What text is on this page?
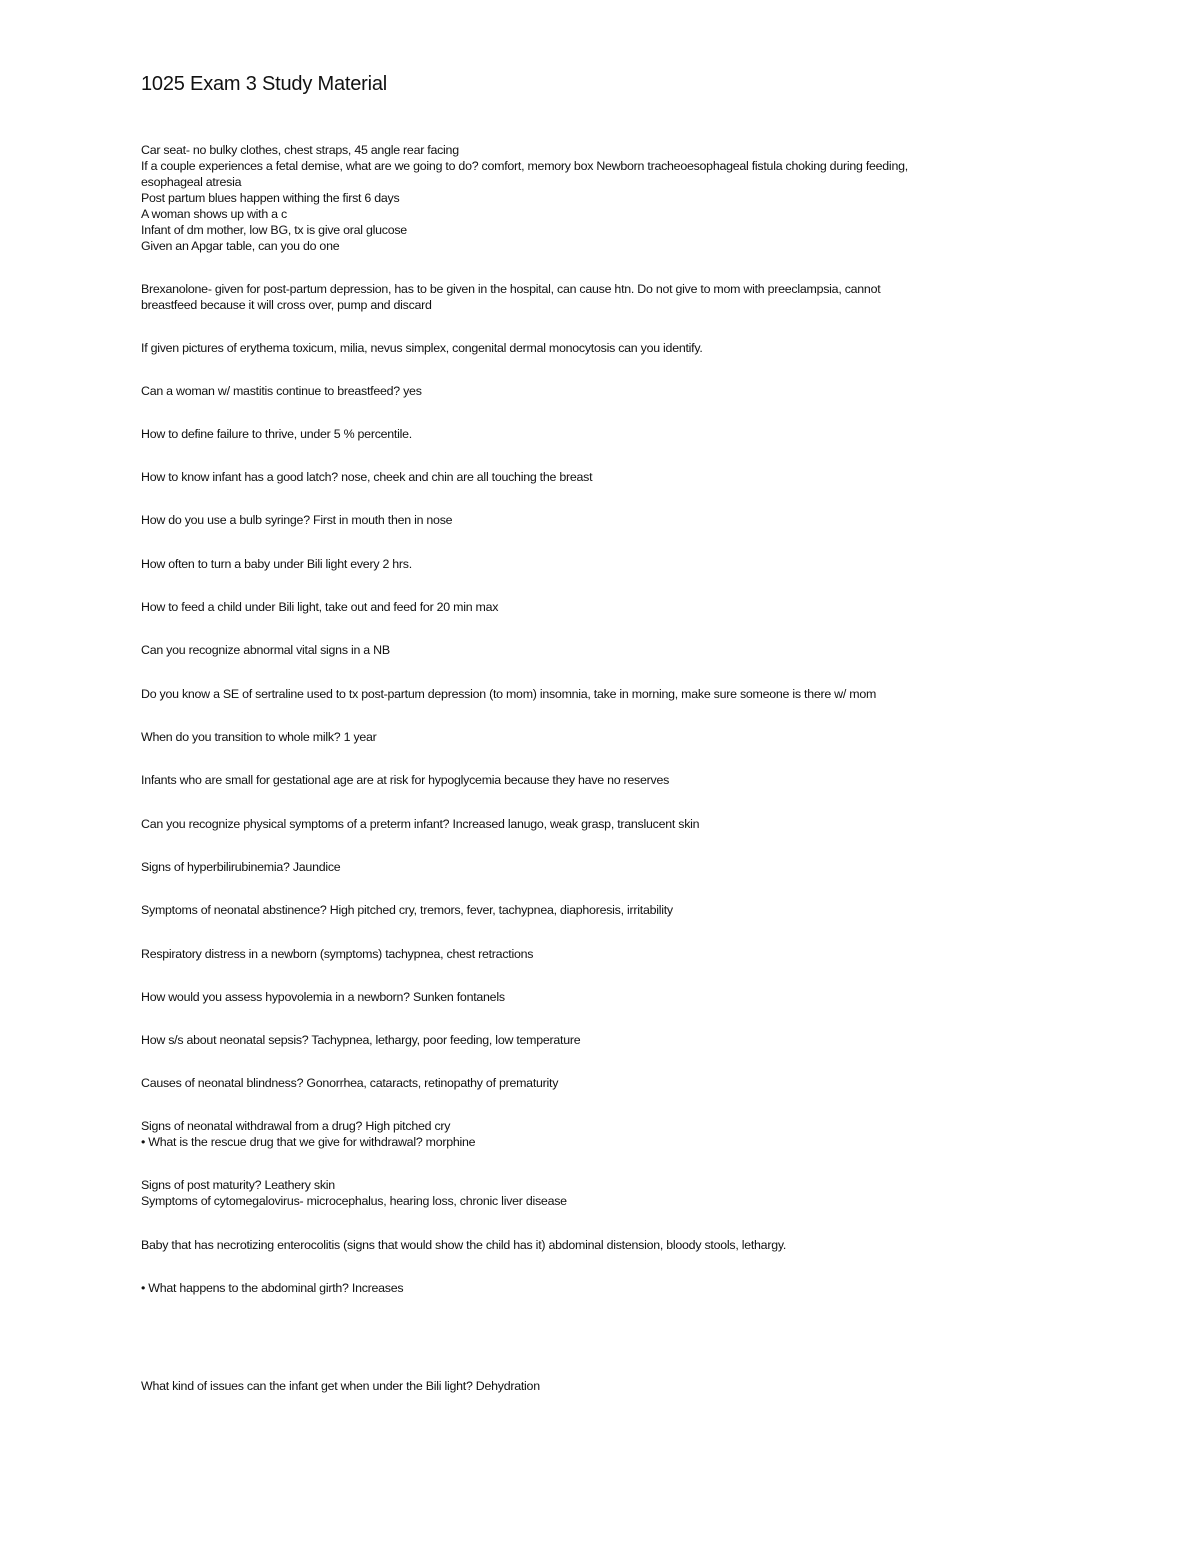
1025 Exam 3 Study Material
Car seat- no bulky clothes, chest straps, 45 angle rear facing
If a couple experiences a fetal demise, what are we going to do? comfort, memory box Newborn tracheoesophageal fistula choking during feeding,
esophageal atresia
Post partum blues happen withing the first 6 days
A woman shows up with a c
Infant of dm mother, low BG, tx is give oral glucose
Given an Apgar table, can you do one
Brexanolone- given for post-partum depression, has to be given in the hospital, can cause htn. Do not give to mom with preeclampsia, cannot
breastfeed because it will cross over, pump and discard
If given pictures of erythema toxicum, milia, nevus simplex, congenital dermal monocytosis can you identify.
Can a woman w/ mastitis continue to breastfeed? yes
How to define failure to thrive, under 5 % percentile.
How to know infant has a good latch? nose, cheek and chin are all touching the breast
How do you use a bulb syringe? First in mouth then in nose
How often to turn a baby under Bili light every 2 hrs.
How to feed a child under Bili light, take out and feed for 20 min max
Can you recognize abnormal vital signs in a NB
Do you know a SE of sertraline used to tx post-partum depression (to mom) insomnia, take in morning, make sure someone is there w/ mom
When do you transition to whole milk? 1 year
Infants who are small for gestational age are at risk for hypoglycemia because they have no reserves
Can you recognize physical symptoms of a preterm infant? Increased lanugo, weak grasp, translucent skin
Signs of hyperbilirubinemia? Jaundice
Symptoms of neonatal abstinence? High pitched cry, tremors, fever, tachypnea, diaphoresis, irritability
Respiratory distress in a newborn (symptoms) tachypnea, chest retractions
How would you assess hypovolemia in a newborn? Sunken fontanels
How s/s about neonatal sepsis? Tachypnea, lethargy, poor feeding, low temperature
Causes of neonatal blindness? Gonorrhea, cataracts, retinopathy of prematurity
Signs of neonatal withdrawal from a drug? High pitched cry
• What is the rescue drug that we give for withdrawal? morphine
Signs of post maturity? Leathery skin
Symptoms of cytomegalovirus- microcephalus, hearing loss, chronic liver disease
Baby that has necrotizing enterocolitis (signs that would show the child has it) abdominal distension, bloody stools, lethargy.
• What happens to the abdominal girth? Increases
What kind of issues can the infant get when under the Bili light? Dehydration
